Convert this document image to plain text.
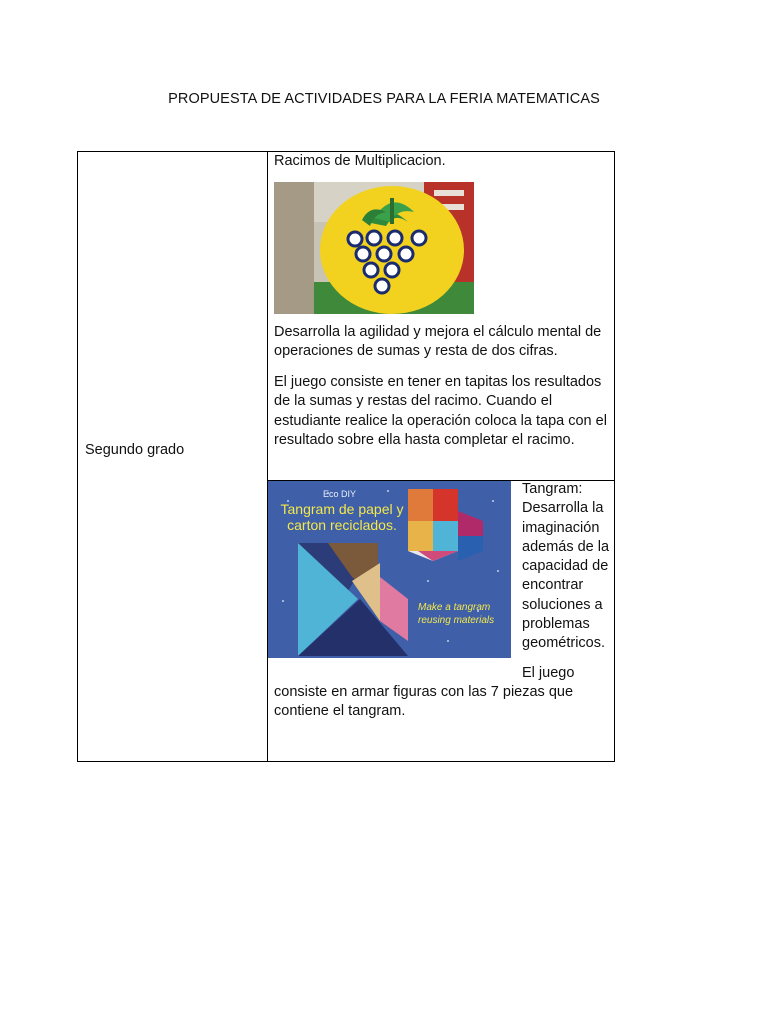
PROPUESTA DE ACTIVIDADES PARA LA FERIA MATEMATICAS
Segundo grado
Racimos de Multiplicacion.
Desarrolla la agilidad y mejora el cálculo mental de operaciones de sumas y resta de dos cifras.
El juego consiste en tener en tapitas los resultados de la sumas y restas del racimo. Cuando el estudiante realice la operación coloca la tapa con el resultado sobre ella hasta completar el racimo.
Eco DIY
Tangram de papel y
carton reciclados.
Make a tangram
reusing materials
Tangram: Desarrolla la imaginación además de la capacidad de encontrar soluciones a problemas geométricos.
El juego
consiste en armar figuras con las 7 piezas que contiene el tangram.
